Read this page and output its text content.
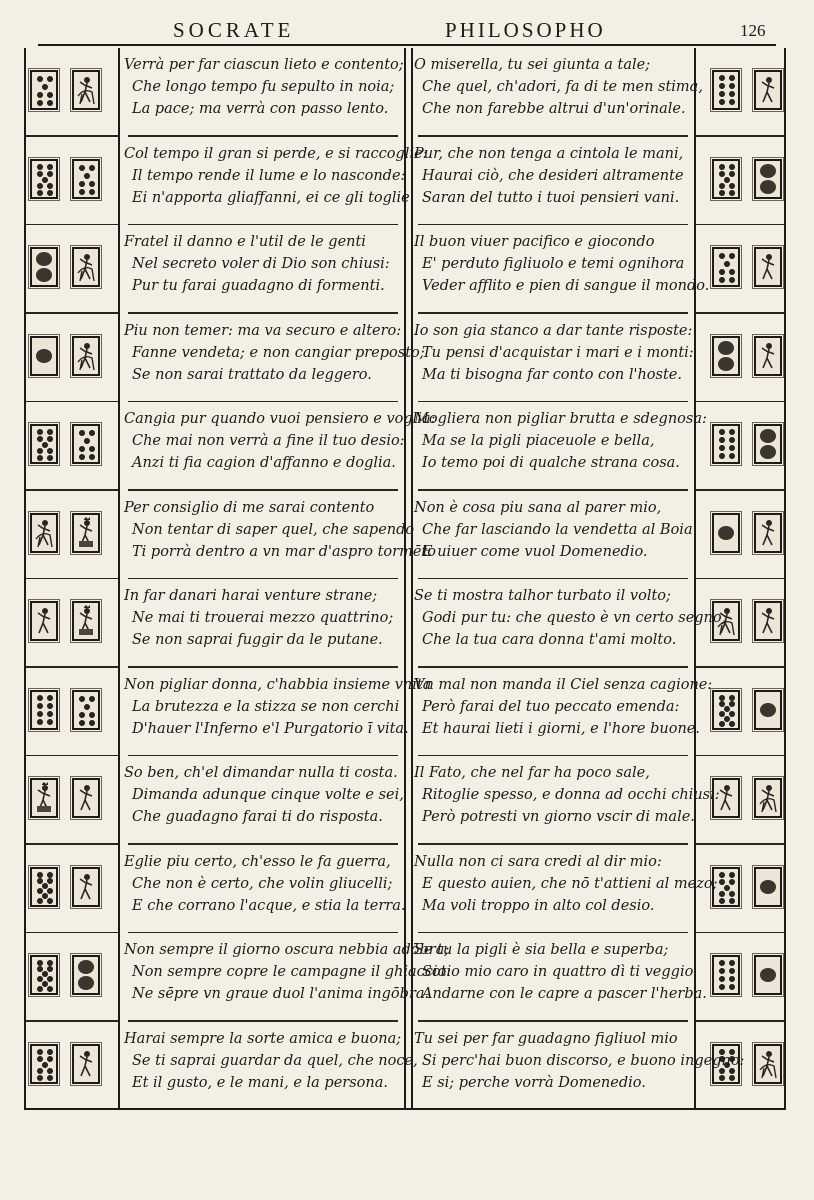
SOCRATE	PHILOSOPHO	126
Verrà per far ciascun lieto e contento;
Che longo tempo fu sepulto in noia;
La pace; ma verrà con passo lento.
Col tempo il gran si perde, e si raccoglie:
Il tempo rende il lume e lo nasconde:
Ei n'apporta gliaffanni, ei ce gli toglie.
Fratel il danno e l'util de le genti
Nel secreto voler di Dio son chiusi:
Pur tu farai guadagno di formenti.
Piu non temer: ma va securo e altero:
Fanne vendeta; e non cangiar preposto;
Se non sarai trattato da leggero.
Cangia pur quando vuoi pensiero e voglia:
Che mai non verrà a fine il tuo desio:
Anzi ti fia cagion d'affanno e doglia.
Per consiglio di me sarai contento
Non tentar di saper quel, che sapendo
Ti porrà dentro a vn mar d'aspro tormēto
In far danari harai venture strane;
Ne mai ti trouerai mezzo quattrino;
Se non saprai fuggir da le putane.
Non pigliar donna, c'habbia insieme vnita
La brutezza e la stizza se non cerchi
D'hauer l'Inferno e'l Purgatorio ī vita.
So ben, ch'el dimandar nulla ti costa.
Dimanda adunque cinque volte e sei,
Che guadagno farai ti do risposta.
Eglie piu certo, ch'esso le fa guerra,
Che non è certo, che volin gliucelli;
E che corrano l'acque, e stia la terra.
Non sempre il giorno oscura nebbia adōbra;
Non sempre copre le campagne il ghiaccio:
Ne sēpre vn graue duol l'anima ingōbra.
Harai sempre la sorte amica e buona;
Se ti saprai guardar da quel, che noce,
Et il gusto, e le mani, e la persona.
O miserella, tu sei giunta a tale;
Che quel, ch'adori, fa di te men stima,
Che non farebbe altrui d'un'orinale.
Pur, che non tenga a cintola le mani,
Haurai ciò, che desideri altramente
Saran del tutto i tuoi pensieri vani.
Il buon viuer pacifico e giocondo
E' perduto figliuolo e temi ognihora
Veder afflito e pien di sangue il mondo.
Io son gia stanco a dar tante risposte:
Tu pensi d'acquistar i mari e i monti:
Ma ti bisogna far conto con l'hoste.
Mogliera non pigliar brutta e sdegnosa:
Ma se la pigli piaceuole e bella,
Io temo poi di qualche strana cosa.
Non è cosa piu sana al parer mio,
Che far lasciando la vendetta al Boia
E uiuer come vuol Domenedio.
Se ti mostra talhor turbato il volto;
Godi pur tu: che questo è vn certo segno,
Che la tua cara donna t'ami molto.
Vn mal non manda il Ciel senza cagione:
Però farai del tuo peccato emenda:
Et haurai lieti i giorni, e l'hore buone.
Il Fato, che nel far ha poco sale,
Ritoglie spesso, e donna ad occhi chiusi:
Però potresti vn giorno vscir di male.
Nulla non ci sara credi al dir mio:
E questo auien, che nō t'attieni al mezo;
Ma voli troppo in alto col desio.
Se tu la pigli è sia bella e superba;
Sotio mio caro in quattro dì ti veggio
Andarne con le capre a pascer l'herba.
Tu sei per far guadagno figliuol mio
Si perc'hai buon discorso, e buono ingegno:
E si; perche vorrà Domenedio.
